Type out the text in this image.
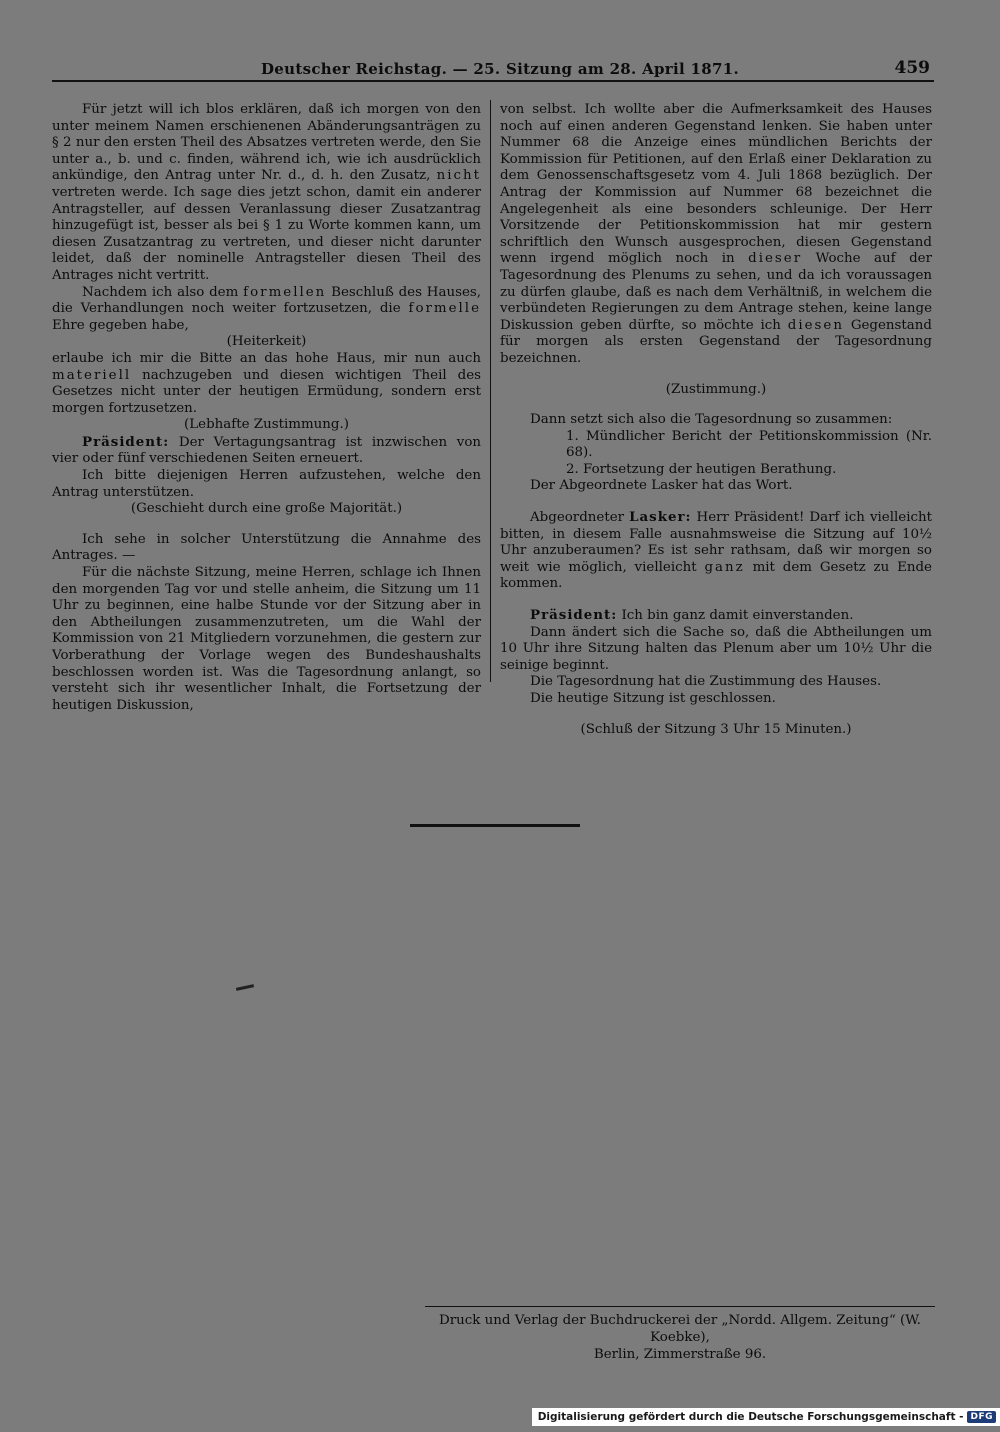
Deutscher Reichstag. — 25. Sitzung am 28. April 1871.	459

Für jetzt will ich blos erklären, daß ich morgen von den unter meinem Namen erschienenen Abänderungsanträgen zu § 2 nur den ersten Theil des Absatzes vertreten werde, den Sie unter a., b. und c. finden, während ich, wie ich ausdrücklich ankündige, den Antrag unter Nr. d., d. h. den Zusatz, nicht vertreten werde. Ich sage dies jetzt schon, damit ein anderer Antragsteller, auf dessen Veranlassung dieser Zusatzantrag hinzugefügt ist, besser als bei § 1 zu Worte kommen kann, um diesen Zusatzantrag zu vertreten, und dieser nicht darunter leidet, daß der nominelle Antragsteller diesen Theil des Antrages nicht vertritt.

Nachdem ich also dem formellen Beschluß des Hauses, die Verhandlungen noch weiter fortzusetzen, die formelle Ehre gegeben habe,

(Heiterkeit)

erlaube ich mir die Bitte an das hohe Haus, mir nun auch materiell nachzugeben und diesen wichtigen Theil des Gesetzes nicht unter der heutigen Ermüdung, sondern erst morgen fortzusetzen.

(Lebhafte Zustimmung.)

Präsident: Der Vertagungsantrag ist inzwischen von vier oder fünf verschiedenen Seiten erneuert.

Ich bitte diejenigen Herren aufzustehen, welche den Antrag unterstützen.

(Geschieht durch eine große Majorität.)

Ich sehe in solcher Unterstützung die Annahme des Antrages. —

Für die nächste Sitzung, meine Herren, schlage ich Ihnen den morgenden Tag vor und stelle anheim, die Sitzung um 11 Uhr zu beginnen, eine halbe Stunde vor der Sitzung aber in den Abtheilungen zusammenzutreten, um die Wahl der Kommission von 21 Mitgliedern vorzunehmen, die gestern zur Vorberathung der Vorlage wegen des Bundeshaushalts beschlossen worden ist. Was die Tagesordnung anlangt, so versteht sich ihr wesentlicher Inhalt, die Fortsetzung der heutigen Diskussion,

von selbst. Ich wollte aber die Aufmerksamkeit des Hauses noch auf einen anderen Gegenstand lenken. Sie haben unter Nummer 68 die Anzeige eines mündlichen Berichts der Kommission für Petitionen, auf den Erlaß einer Deklaration zu dem Genossenschaftsgesetz vom 4. Juli 1868 bezüglich. Der Antrag der Kommission auf Nummer 68 bezeichnet die Angelegenheit als eine besonders schleunige. Der Herr Vorsitzende der Petitionskommission hat mir gestern schriftlich den Wunsch ausgesprochen, diesen Gegenstand wenn irgend möglich noch in dieser Woche auf der Tagesordnung des Plenums zu sehen, und da ich voraussagen zu dürfen glaube, daß es nach dem Verhältniß, in welchem die verbündeten Regierungen zu dem Antrage stehen, keine lange Diskussion geben dürfte, so möchte ich diesen Gegenstand für morgen als ersten Gegenstand der Tagesordnung bezeichnen.

(Zustimmung.)

Dann setzt sich also die Tagesordnung so zusammen:

1. Mündlicher Bericht der Petitionskommission (Nr. 68).

2. Fortsetzung der heutigen Berathung.

Der Abgeordnete Lasker hat das Wort.

Abgeordneter Lasker: Herr Präsident! Darf ich vielleicht bitten, in diesem Falle ausnahmsweise die Sitzung auf 10½ Uhr anzuberaumen? Es ist sehr rathsam, daß wir morgen so weit wie möglich, vielleicht ganz mit dem Gesetz zu Ende kommen.

Präsident: Ich bin ganz damit einverstanden.

Dann ändert sich die Sache so, daß die Abtheilungen um 10 Uhr ihre Sitzung halten das Plenum aber um 10½ Uhr die seinige beginnt.

Die Tagesordnung hat die Zustimmung des Hauses.

Die heutige Sitzung ist geschlossen.

(Schluß der Sitzung 3 Uhr 15 Minuten.)

Druck und Verlag der Buchdruckerei der „Nordd. Allgem. Zeitung“ (W. Koebke),
Berlin, Zimmerstraße 96.
Digitalisierung gefördert durch die Deutsche Forschungsgemeinschaft - DFG
